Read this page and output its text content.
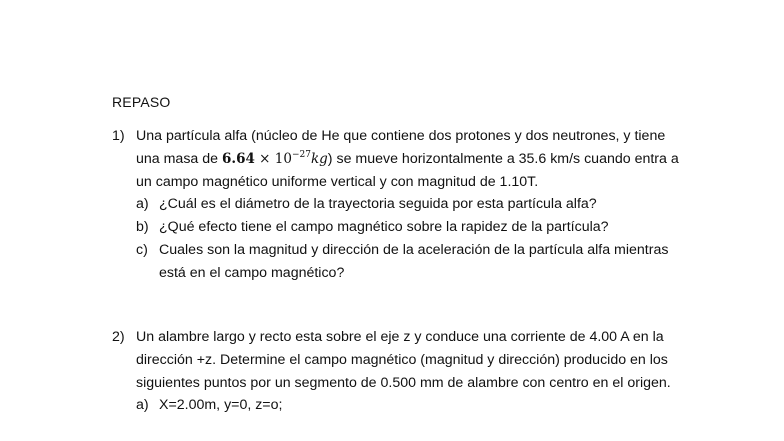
REPASO
1) Una partícula alfa (núcleo de He que contiene dos protones y dos neutrones, y tiene una masa de $6.64 \times 10^{-27}kg$) se mueve horizontalmente a 35.6 km/s cuando entra a un campo magnético uniforme vertical y con magnitud de 1.10T.
a) ¿Cuál es el diámetro de la trayectoria seguida por esta partícula alfa?
b) ¿Qué efecto tiene el campo magnético sobre la rapidez de la partícula?
c) Cuales son la magnitud y dirección de la aceleración de la partícula alfa mientras está en el campo magnético?
2) Un alambre largo y recto esta sobre el eje z y conduce una corriente de 4.00 A en la dirección +z. Determine el campo magnético (magnitud y dirección) producido en los siguientes puntos por un segmento de 0.500 mm de alambre con centro en el origen.
a) X=2.00m, y=0, z=o;
